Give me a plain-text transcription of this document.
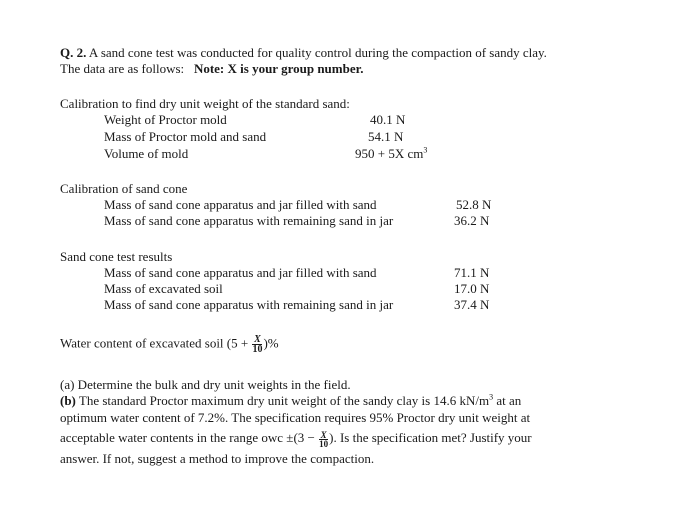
Q. 2. A sand cone test was conducted for quality control during the compaction of sandy clay.
The data are as follows: Note: X is your group number.
Calibration to find dry unit weight of the standard sand:
Weight of Proctor mold	40.1 N
Mass of Proctor mold and sand	54.1 N
Volume of mold	950 + 5X $cm^3$
Calibration of sand cone
Mass of sand cone apparatus and jar filled with sand	52.8 N
Mass of sand cone apparatus with remaining sand in jar	36.2 N
Sand cone test results
Mass of sand cone apparatus and jar filled with sand	71.1 N
Mass of excavated soil	17.0 N
Mass of sand cone apparatus with remaining sand in jar	37.4 N
Water content of excavated soil ($5 + \frac{X}{10}$ )%
(a) Determine the bulk and dry unit weights in the field.
(b) The standard Proctor maximum dry unit weight of the sandy clay is 14.6 $kN/m^3$ at an
optimum water content of 7.2%. The specification requires 95% Proctor dry unit weight at
acceptable water contents in the range owc $\pm(3 - \frac{X}{10}$ ). Is the specification met? Justify your
answer. If not, suggest a method to improve the compaction.
